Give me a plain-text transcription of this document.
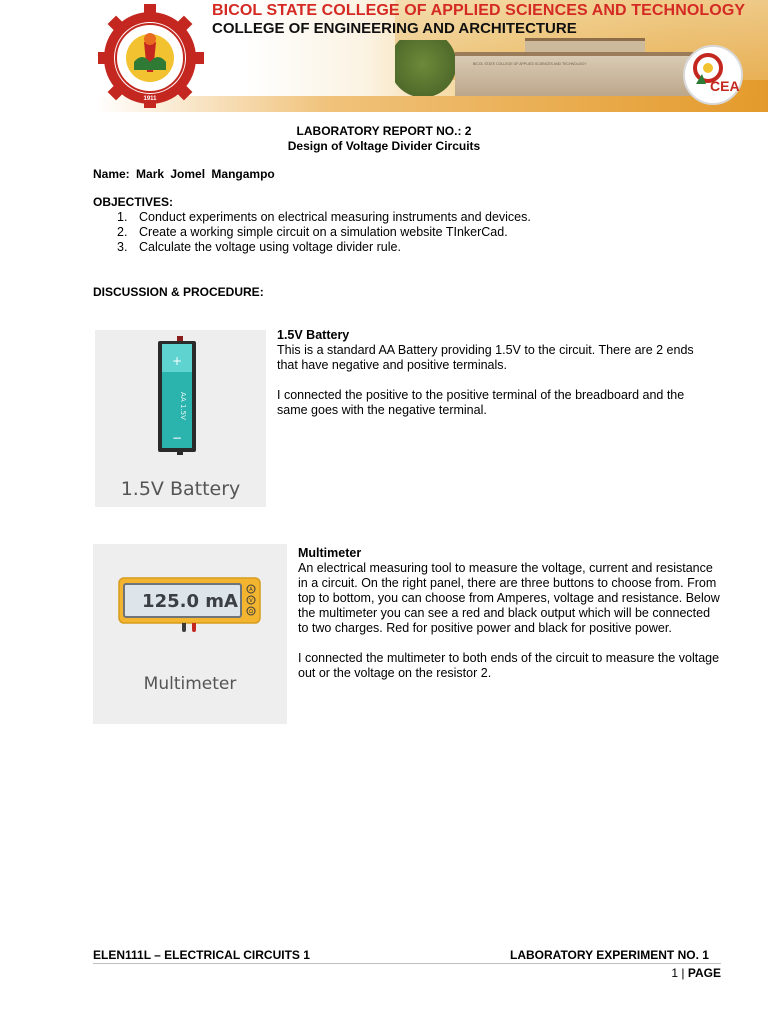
BICOL STATE COLLEGE OF APPLIED SCIENCES AND TECHNOLOGY
BICOL STATE COLLEGE OF APPLIED SCIENCES AND TECHNOLOGY
COLLEGE OF ENGINEERING AND ARCHITECTURE
1911
CEA
LABORATORY REPORT NO.: 2
Design of Voltage Divider Circuits
Name: Mark Jomel Mangampo
OBJECTIVES:
1. Conduct experiments on electrical measuring instruments and devices.
2. Create a working simple circuit on a simulation website TInkerCad.
3. Calculate the voltage using voltage divider rule.
DISCUSSION & PROCEDURE:
+
−
AA 1.5V
1.5V Battery
1.5V Battery

This is a standard AA Battery providing 1.5V to the circuit. There are 2 ends that have negative and positive terminals.

I connected the positive to the positive terminal of the breadboard and the same goes with the negative terminal.

A
V
Ω
125.0 mA
Multimeter
Multimeter

An electrical measuring tool to measure the voltage, current and resistance in a circuit. On the right panel, there are three buttons to choose from. From top to bottom, you can choose from Amperes, voltage and resistance. Below the multimeter you can see a red and black output which will be connected to two charges. Red for positive power and black for positive power.

I connected the multimeter to both ends of the circuit to measure the voltage out or the voltage on the resistor 2.

ELEN111L – ELECTRICAL CIRCUITS 1	LABORATORY EXPERIMENT NO. 1
1 | PAGE
